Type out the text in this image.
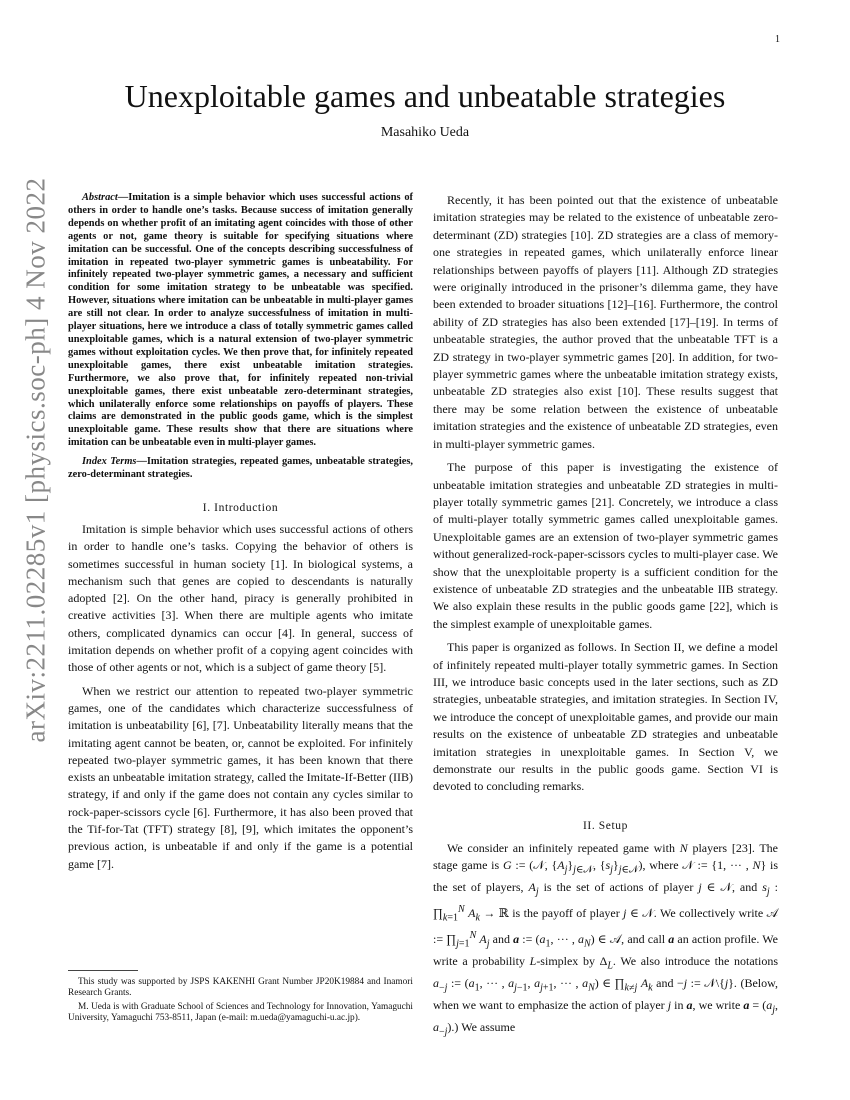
1
arXiv:2211.02285v1 [physics.soc-ph] 4 Nov 2022
Unexploitable games and unbeatable strategies
Masahiko Ueda

Abstract—Imitation is a simple behavior which uses successful actions of others in order to handle one’s tasks. Because success of imitation generally depends on whether profit of an imitating agent coincides with those of other agents or not, game theory is suitable for specifying situations where imitation can be successful. One of the concepts describing successfulness of imitation in repeated two-player symmetric games is unbeatability. For infinitely repeated two-player symmetric games, a necessary and sufficient condition for some imitation strategy to be unbeatable was specified. However, situations where imitation can be unbeatable in multi-player games are still not clear. In order to analyze successfulness of imitation in multi-player situations, here we introduce a class of totally symmetric games called unexploitable games, which is a natural extension of two-player symmetric games without exploitation cycles. We then prove that, for infinitely repeated unexploitable games, there exist unbeatable imitation strategies. Furthermore, we also prove that, for infinitely repeated non-trivial unexploitable games, there exist unbeatable zero-determinant strategies, which unilaterally enforce some relationships on payoffs of players. These claims are demonstrated in the public goods game, which is the simplest unexploitable game. These results show that there are situations where imitation can be unbeatable even in multi-player games.

Index Terms—Imitation strategies, repeated games, unbeatable strategies, zero-determinant strategies.

I. Introduction

Imitation is simple behavior which uses successful actions of others in order to handle one’s tasks. Copying the behavior of others is sometimes successful in human society [1]. In biological systems, a mechanism such that genes are copied to descendants is naturally adopted [2]. On the other hand, piracy is generally prohibited in creative activities [3]. When there are multiple agents who imitate others, complicated dynamics can occur [4]. In general, success of imitation depends on whether profit of a copying agent coincides with those of other agents or not, which is a subject of game theory [5].

When we restrict our attention to repeated two-player symmetric games, one of the candidates which characterize successfulness of imitation is unbeatability [6], [7]. Unbeatability literally means that the imitating agent cannot be beaten, or, cannot be exploited. For infinitely repeated two-player symmetric games, it has been known that there exists an unbeatable imitation strategy, called the Imitate-If-Better (IIB) strategy, if and only if the game does not contain any cycles similar to rock-paper-scissors cycle [6]. Furthermore, it has also been proved that the Tif-for-Tat (TFT) strategy [8], [9], which imitates the opponent’s previous action, is unbeatable if and only if the game is a potential game [7].

This study was supported by JSPS KAKENHI Grant Number JP20K19884 and Inamori Research Grants.

M. Ueda is with Graduate School of Sciences and Technology for Innovation, Yamaguchi University, Yamaguchi 753-8511, Japan (e-mail: m.ueda@yamaguchi-u.ac.jp).

Recently, it has been pointed out that the existence of unbeatable imitation strategies may be related to the existence of unbeatable zero-determinant (ZD) strategies [10]. ZD strategies are a class of memory-one strategies in repeated games, which unilaterally enforce linear relationships between payoffs of players [11]. Although ZD strategies were originally introduced in the prisoner’s dilemma game, they have been extended to broader situations [12]–[16]. Furthermore, the control ability of ZD strategies has also been extended [17]–[19]. In terms of unbeatable strategies, the author proved that the unbeatable TFT is a ZD strategy in two-player symmetric games [20]. In addition, for two-player symmetric games where the unbeatable imitation strategy exists, unbeatable ZD strategies also exist [10]. These results suggest that there may be some relation between the existence of unbeatable imitation strategies and the existence of unbeatable ZD strategies, even in multi-player symmetric games.

The purpose of this paper is investigating the existence of unbeatable imitation strategies and unbeatable ZD strategies in multi-player totally symmetric games [21]. Concretely, we introduce a class of multi-player totally symmetric games called unexploitable games. Unexploitable games are an extension of two-player symmetric games without generalized-rock-paper-scissors cycles to multi-player case. We show that the unexploitable property is a sufficient condition for the existence of unbeatable ZD strategies and the unbeatable IIB strategy. We also explain these results in the public goods game [22], which is the simplest example of unexploitable games.

This paper is organized as follows. In Section II, we define a model of infinitely repeated multi-player totally symmetric games. In Section III, we introduce basic concepts used in the later sections, such as ZD strategies, unbeatable strategies, and imitation strategies. In Section IV, we introduce the concept of unexploitable games, and provide our main results on the existence of unbeatable ZD strategies and unbeatable imitation strategies in unexploitable games. In Section V, we demonstrate our results in the public goods game. Section VI is devoted to concluding remarks.

II. Setup

We consider an infinitely repeated game with N players [23]. The stage game is G := (𝒩, $\{A_j\}_{j\in 𝒩}$, $\{s_j\}_{j\in 𝒩}$), where 𝒩 := {1, ··· , N} is the set of players, $A_j$ is the set of actions of player j ∈ 𝒩, and $s_j$ : $\prod_{k=1}^N$ $A_k$ → ℝ is the payoff of player j ∈ 𝒩. We collectively write 𝒜 := $\prod_{j=1}^N$ $A_j$ and a := ($a_1$, ··· , $a_N$) ∈ 𝒜, and call a an action profile. We write a probability L-simplex by $\Delta_L$. We also introduce the notations $a_{-j}$ := ($a_1$, ··· , $a_{j-1}$, $a_{j+1}$, ··· , $a_N$) ∈ $\prod_{k\ne j}$ $A_k$ and −j := 𝒩\{j}. (Below, when we want to emphasize the action of player j in a, we write $a = (a_j$, $a_{-j}$).) We assume
